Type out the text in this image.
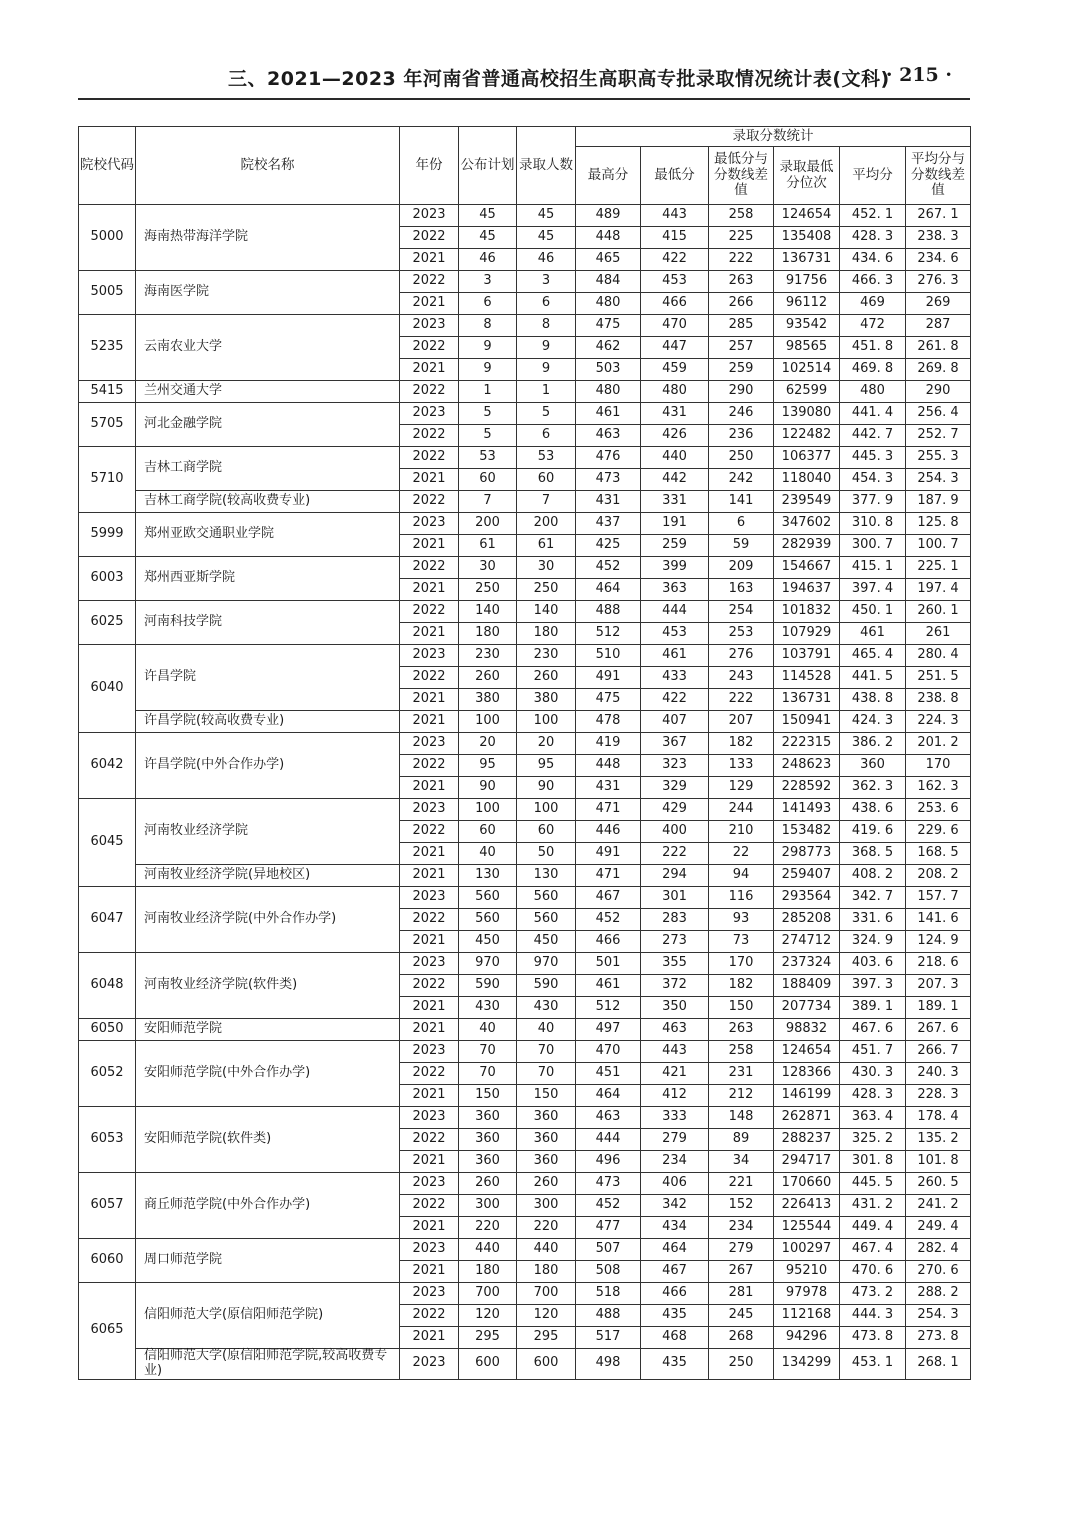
三、2021—2023 年河南省普通高校招生高职高专批录取情况统计表(文科)
· 215 ·
院校代码	院校名称	年份	公布计划	录取人数	录取分数统计					
					最高分	最低分	最低分与分数线差值	录取最低分位次	平均分	平均分与分数线差值
5000	海南热带海洋学院	2023	45	45	489	443	258	124654	452. 1	267. 1
		2022	45	45	448	415	225	135408	428. 3	238. 3
		2021	46	46	465	422	222	136731	434. 6	234. 6
5005	海南医学院	2022	3	3	484	453	263	91756	466. 3	276. 3
		2021	6	6	480	466	266	96112	469	269
5235	云南农业大学	2023	8	8	475	470	285	93542	472	287
		2022	9	9	462	447	257	98565	451. 8	261. 8
		2021	9	9	503	459	259	102514	469. 8	269. 8
5415	兰州交通大学	2022	1	1	480	480	290	62599	480	290
5705	河北金融学院	2023	5	5	461	431	246	139080	441. 4	256. 4
		2022	5	6	463	426	236	122482	442. 7	252. 7
5710	吉林工商学院	2022	53	53	476	440	250	106377	445. 3	255. 3
		2021	60	60	473	442	242	118040	454. 3	254. 3
	吉林工商学院(较高收费专业)	2022	7	7	431	331	141	239549	377. 9	187. 9
5999	郑州亚欧交通职业学院	2023	200	200	437	191	6	347602	310. 8	125. 8
		2021	61	61	425	259	59	282939	300. 7	100. 7
6003	郑州西亚斯学院	2022	30	30	452	399	209	154667	415. 1	225. 1
		2021	250	250	464	363	163	194637	397. 4	197. 4
6025	河南科技学院	2022	140	140	488	444	254	101832	450. 1	260. 1
		2021	180	180	512	453	253	107929	461	261
6040	许昌学院	2023	230	230	510	461	276	103791	465. 4	280. 4
		2022	260	260	491	433	243	114528	441. 5	251. 5
		2021	380	380	475	422	222	136731	438. 8	238. 8
	许昌学院(较高收费专业)	2021	100	100	478	407	207	150941	424. 3	224. 3
6042	许昌学院(中外合作办学)	2023	20	20	419	367	182	222315	386. 2	201. 2
		2022	95	95	448	323	133	248623	360	170
		2021	90	90	431	329	129	228592	362. 3	162. 3
6045	河南牧业经济学院	2023	100	100	471	429	244	141493	438. 6	253. 6
		2022	60	60	446	400	210	153482	419. 6	229. 6
		2021	40	50	491	222	22	298773	368. 5	168. 5
	河南牧业经济学院(异地校区)	2021	130	130	471	294	94	259407	408. 2	208. 2
6047	河南牧业经济学院(中外合作办学)	2023	560	560	467	301	116	293564	342. 7	157. 7
		2022	560	560	452	283	93	285208	331. 6	141. 6
		2021	450	450	466	273	73	274712	324. 9	124. 9
6048	河南牧业经济学院(软件类)	2023	970	970	501	355	170	237324	403. 6	218. 6
		2022	590	590	461	372	182	188409	397. 3	207. 3
		2021	430	430	512	350	150	207734	389. 1	189. 1
6050	安阳师范学院	2021	40	40	497	463	263	98832	467. 6	267. 6
6052	安阳师范学院(中外合作办学)	2023	70	70	470	443	258	124654	451. 7	266. 7
		2022	70	70	451	421	231	128366	430. 3	240. 3
		2021	150	150	464	412	212	146199	428. 3	228. 3
6053	安阳师范学院(软件类)	2023	360	360	463	333	148	262871	363. 4	178. 4
		2022	360	360	444	279	89	288237	325. 2	135. 2
		2021	360	360	496	234	34	294717	301. 8	101. 8
6057	商丘师范学院(中外合作办学)	2023	260	260	473	406	221	170660	445. 5	260. 5
		2022	300	300	452	342	152	226413	431. 2	241. 2
		2021	220	220	477	434	234	125544	449. 4	249. 4
6060	周口师范学院	2023	440	440	507	464	279	100297	467. 4	282. 4
		2021	180	180	508	467	267	95210	470. 6	270. 6
6065	信阳师范大学(原信阳师范学院)	2023	700	700	518	466	281	97978	473. 2	288. 2
		2022	120	120	488	435	245	112168	444. 3	254. 3
		2021	295	295	517	468	268	94296	473. 8	273. 8
	信阳师范大学(原信阳师范学院,较高收费专业)	2023	600	600	498	435	250	134299	453. 1	268. 1
